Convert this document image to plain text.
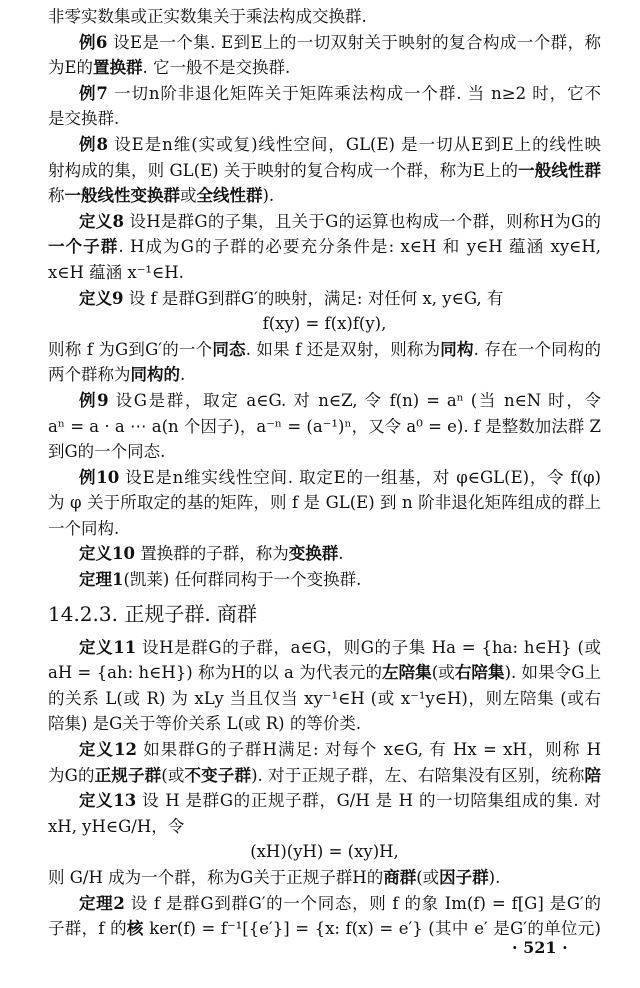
非零实数集或正实数集关于乘法构成交换群.
例6 设E是一个集. E到E上的一切双射关于映射的复合构成一个群，称
为E的置换群. 它一般不是交换群.
例7 一切n阶非退化矩阵关于矩阵乘法构成一个群. 当 n≥2 时，它不
是交换群.
例8 设E是n维(实或复)线性空间，GL(E) 是一切从E到E上的线性映
射构成的集，则 GL(E) 关于映射的复合构成一个群，称为E上的一般线性群
称一般线性变换群或全线性群).
定义8 设H是群G的子集，且关于G的运算也构成一个群，则称H为G的
一个子群. H成为G的子群的必要充分条件是: x∈H 和 y∈H 蕴涵 xy∈H,
x∈H 蕴涵 x⁻¹∈H.
定义9 设 f 是群G到群G′的映射，满足: 对任何 x, y∈G, 有
f(xy) = f(x)f(y),
则称 f 为G到G′的一个同态. 如果 f 还是双射，则称为同构. 存在一个同构的
两个群称为同构的.
例9 设G是群，取定 a∈G. 对 n∈Z, 令 f(n) = aⁿ (当 n∈N 时，令
aⁿ = a · a ⋯ a(n 个因子)，a⁻ⁿ = (a⁻¹)ⁿ，又令 a⁰ = e). f 是整数加法群 Z
到G的一个同态.
例10 设E是n维实线性空间. 取定E的一组基，对 φ∈GL(E)，令 f(φ)
为 φ 关于所取定的基的矩阵，则 f 是 GL(E) 到 n 阶非退化矩阵组成的群上
一个同构.
定义10 置换群的子群，称为变换群.
定理1(凯莱) 任何群同构于一个变换群.
14.2.3. 正规子群. 商群
定义11 设H是群G的子群，a∈G，则G的子集 Ha = {ha: h∈H} (或
aH = {ah: h∈H}) 称为H的以 a 为代表元的左陪集(或右陪集). 如果令G上
的关系 L(或 R) 为 xLy 当且仅当 xy⁻¹∈H (或 x⁻¹y∈H)，则左陪集 (或右
陪集) 是G关于等价关系 L(或 R) 的等价类.
定义12 如果群G的子群H满足: 对每个 x∈G, 有 Hx = xH，则称 H
为G的正规子群(或不变子群). 对于正规子群，左、右陪集没有区别，统称陪
定义13 设 H 是群G的正规子群，G/H 是 H 的一切陪集组成的集. 对
xH, yH∈G/H，令
(xH)(yH) = (xy)H,
则 G/H 成为一个群，称为G关于正规子群H的商群(或因子群).
定理2 设 f 是群G到群G′的一个同态，则 f 的象 Im(f) = f[G] 是G′的
子群，f 的核 ker(f) = f⁻¹[{e′}] = {x: f(x) = e′} (其中 e′ 是G′的单位元)
· 521 ·
